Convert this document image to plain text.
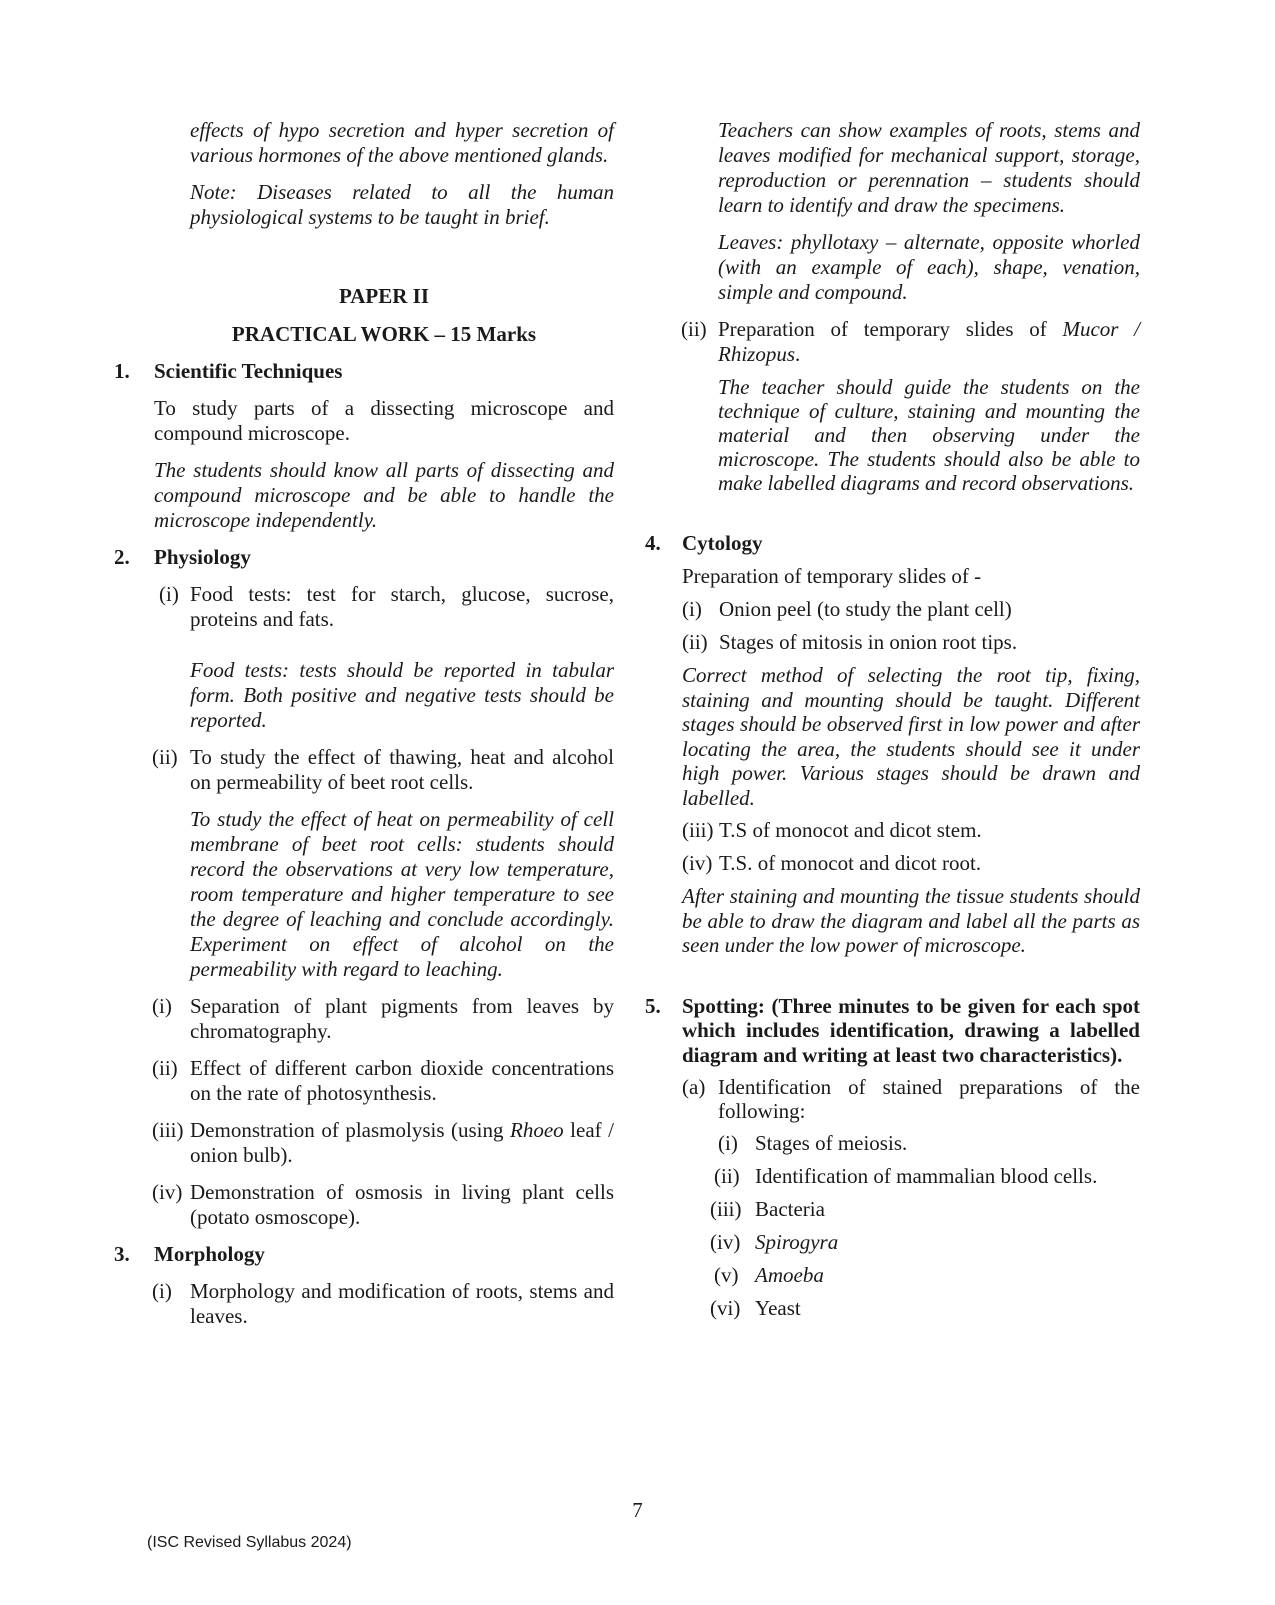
effects of hypo secretion and hyper secretion of various hormones of the above mentioned glands.

Note: Diseases related to all the human physiological systems to be taught in brief.

PAPER II

PRACTICAL WORK – 15 Marks

1. Scientific Techniques

To study parts of a dissecting microscope and compound microscope.

The students should know all parts of dissecting and compound microscope and be able to handle the microscope independently.

2. Physiology
(i) Food tests: test for starch, glucose, sucrose, proteins and fats.

Food tests: tests should be reported in tabular form. Both positive and negative tests should be reported.

(ii) To study the effect of thawing, heat and alcohol on permeability of beet root cells.

To study the effect of heat on permeability of cell membrane of beet root cells: students should record the observations at very low temperature, room temperature and higher temperature to see the degree of leaching and conclude accordingly. Experiment on effect of alcohol on the permeability with regard to leaching.

(i) Separation of plant pigments from leaves by chromatography.

(ii) Effect of different carbon dioxide concentrations on the rate of photosynthesis.

(iii) Demonstration of plasmolysis (using Rhoeo leaf / onion bulb).

(iv) Demonstration of osmosis in living plant cells (potato osmoscope).

3. Morphology
(i) Morphology and modification of roots, stems and leaves.

Teachers can show examples of roots, stems and leaves modified for mechanical support, storage, reproduction or perennation – students should learn to identify and draw the specimens.

Leaves: phyllotaxy – alternate, opposite whorled (with an example of each), shape, venation, simple and compound.

(ii) Preparation of temporary slides of Mucor / Rhizopus.

The teacher should guide the students on the technique of culture, staining and mounting the material and then observing under the microscope. The students should also be able to make labelled diagrams and record observations.

4. Cytology

Preparation of temporary slides of -

(i) Onion peel (to study the plant cell)

(ii) Stages of mitosis in onion root tips.

Correct method of selecting the root tip, fixing, staining and mounting should be taught. Different stages should be observed first in low power and after locating the area, the students should see it under high power. Various stages should be drawn and labelled.

(iii) T.S of monocot and dicot stem.

(iv) T.S. of monocot and dicot root.

After staining and mounting the tissue students should be able to draw the diagram and label all the parts as seen under the low power of microscope.

5. Spotting: (Three minutes to be given for each spot which includes identification, drawing a labelled diagram and writing at least two characteristics).
(a) Identification of stained preparations of the following:

(i) Stages of meiosis.

(ii) Identification of mammalian blood cells.

(iii) Bacteria

(iv) Spirogyra

(v) Amoeba

(vi) Yeast

7
(ISC Revised Syllabus 2024)
